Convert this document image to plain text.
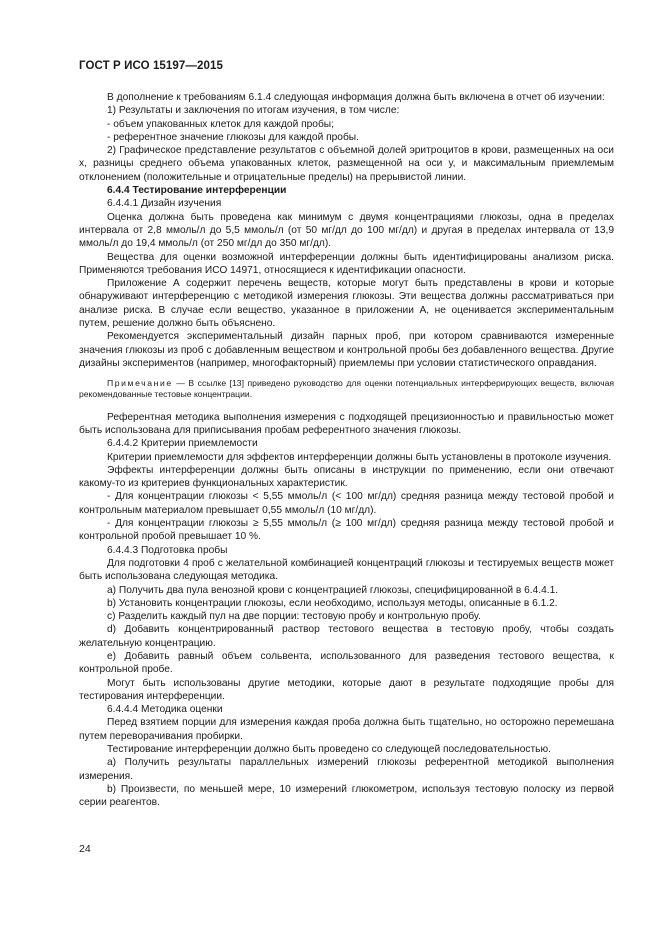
ГОСТ Р ИСО 15197—2015

В дополнение к требованиям 6.1.4 следующая информация должна быть включена в отчет об изучении:

1) Результаты и заключения по итогам изучения, в том числе:

- объем упакованных клеток для каждой пробы;

- референтное значение глюкозы для каждой пробы.

2) Графическое представление результатов с объемной долей эритроцитов в крови, размещенных на оси х, разницы среднего объема упакованных клеток, размещенной на оси у, и максимальным приемлемым отклонением (положительные и отрицательные пределы) на прерывистой линии.

6.4.4 Тестирование интерференции

6.4.4.1 Дизайн изучения

Оценка должна быть проведена как минимум с двумя концентрациями глюкозы, одна в пределах интервала от 2,8 ммоль/л до 5,5 ммоль/л (от 50 мг/дл до 100 мг/дл) и другая в пределах интервала от 13,9 ммоль/л до 19,4 ммоль/л (от 250 мг/дл до 350 мг/дл).

Вещества для оценки возможной интерференции должны быть идентифицированы анализом риска. Применяются требования ИСО 14971, относящиеся к идентификации опасности.

Приложение А содержит перечень веществ, которые могут быть представлены в крови и которые обнаруживают интерференцию с методикой измерения глюкозы. Эти вещества должны рассматриваться при анализе риска. В случае если вещество, указанное в приложении А, не оценивается экспериментальным путем, решение должно быть объяснено.

Рекомендуется экспериментальный дизайн парных проб, при котором сравниваются измеренные значения глюкозы из проб с добавленным веществом и контрольной пробы без добавленного вещества. Другие дизайны экспериментов (например, многофакторный) приемлемы при условии статистического оправдания.

Примечание — В ссылке [13] приведено руководство для оценки потенциальных интерферирующих веществ, включая рекомендованные тестовые концентрации.

Референтная методика выполнения измерения с подходящей прецизионностью и правильностью может быть использована для приписывания пробам референтного значения глюкозы.

6.4.4.2 Критерии приемлемости

Критерии приемлемости для эффектов интерференции должны быть установлены в протоколе изучения.

Эффекты интерференции должны быть описаны в инструкции по применению, если они отвечают какому-то из критериев функциональных характеристик.

- Для концентрации глюкозы < 5,55 ммоль/л (< 100 мг/дл) средняя разница между тестовой пробой и контрольным материалом превышает 0,55 ммоль/л (10 мг/дл).

- Для концентрации глюкозы ≥ 5,55 ммоль/л (≥ 100 мг/дл) средняя разница между тестовой пробой и контрольной пробой превышает 10 %.

6.4.4.3 Подготовка пробы

Для подготовки 4 проб с желательной комбинацией концентраций глюкозы и тестируемых веществ может быть использована следующая методика.

а) Получить два пула венозной крови с концентрацией глюкозы, специфицированной в 6.4.4.1.

b) Установить концентрации глюкозы, если необходимо, используя методы, описанные в 6.1.2.

с) Разделить каждый пул на две порции: тестовую пробу и контрольную пробу.

d) Добавить концентрированный раствор тестового вещества в тестовую пробу, чтобы создать желательную концентрацию.

е) Добавить равный объем сольвента, использованного для разведения тестового вещества, к контрольной пробе.

Могут быть использованы другие методики, которые дают в результате подходящие пробы для тестирования интерференции.

6.4.4.4 Методика оценки

Перед взятием порции для измерения каждая проба должна быть тщательно, но осторожно перемешана путем переворачивания пробирки.

Тестирование интерференции должно быть проведено со следующей последовательностью.

а) Получить результаты параллельных измерений глюкозы референтной методикой выполнения измерения.

b) Произвести, по меньшей мере, 10 измерений глюкометром, используя тестовую полоску из первой серии реагентов.

24
